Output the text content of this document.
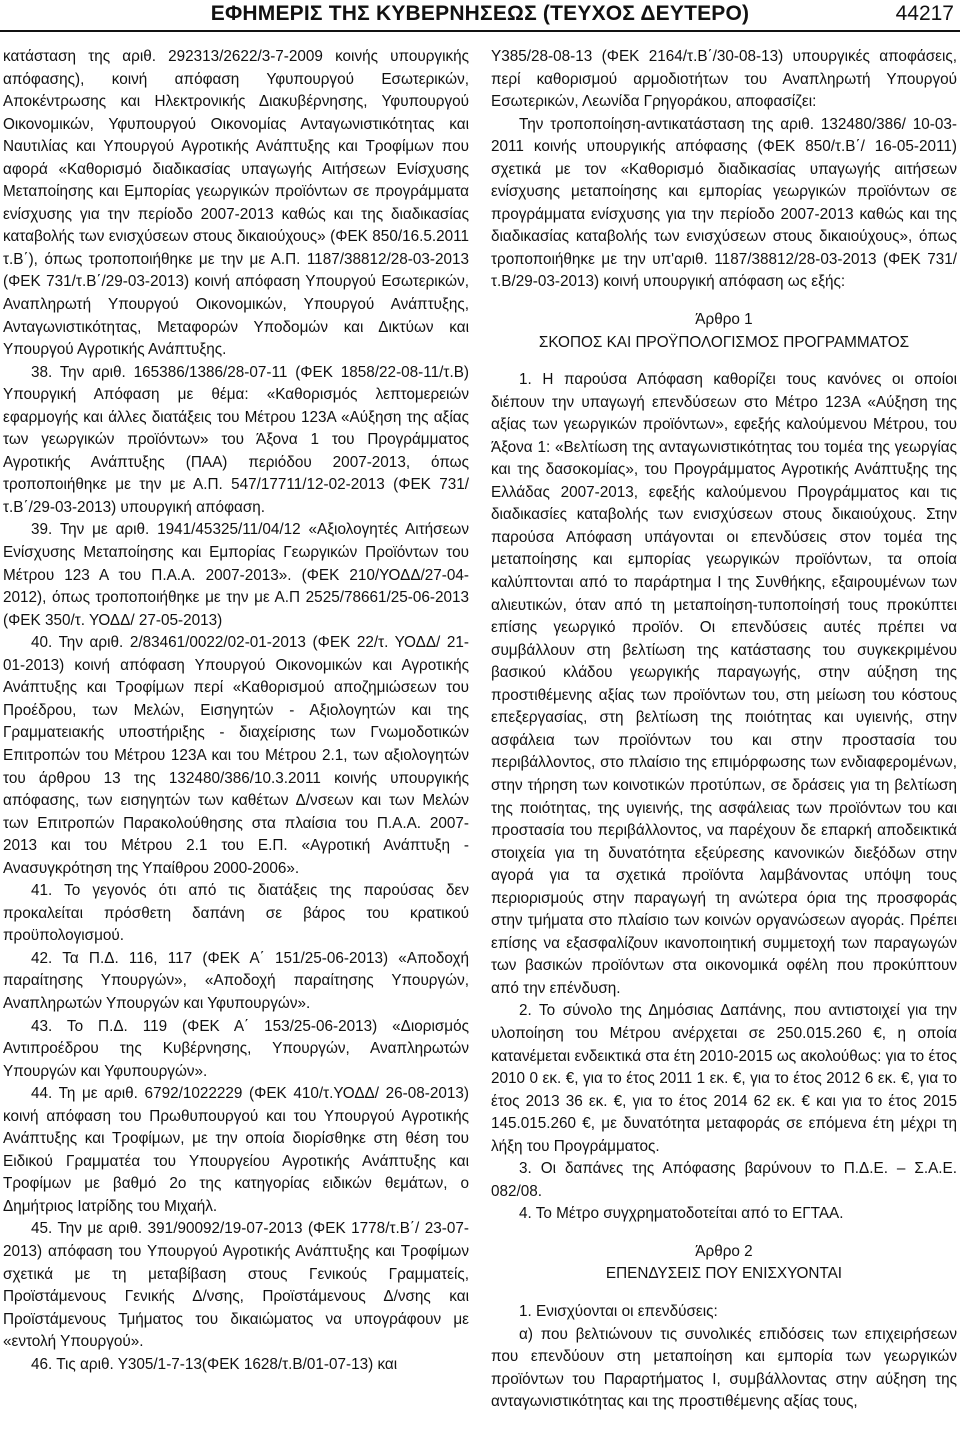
ΕΦΗΜΕΡΙΣ ΤΗΣ ΚΥΒΕΡΝΗΣΕΩΣ (ΤΕΥΧΟΣ ΔΕΥΤΕΡΟ)	44217

κατάσταση της αριθ. 292313/2622/3-7-2009 κοινής υπουργικής απόφασης), κοινή απόφαση Υφυπουργού Εσωτερικών, Αποκέντρωσης και Ηλεκτρονικής Διακυβέρνησης, Υφυπουργού Οικονομικών, Υφυπουργού Οικονομίας Ανταγωνιστικότητας και Ναυτιλίας και Υπουργού Αγροτικής Ανάπτυξης και Τροφίμων που αφορά «Καθορισμό διαδικασίας υπαγωγής Αιτήσεων Ενίσχυσης Μεταποίησης και Εμπορίας γεωργικών προϊόντων σε προγράμματα ενίσχυσης για την περίοδο 2007-2013 καθώς και της διαδικασίας καταβολής των ενισχύσεων στους δικαιούχους» (ΦΕΚ 850/16.5.2011 τ.Β΄), όπως τροποποιήθηκε με την με Α.Π. 1187/38812/28-03-2013 (ΦΕΚ 731/τ.Β΄/29-03-2013) κοινή απόφαση Υπουργού Εσωτερικών, Αναπληρωτή Υπουργού Οικονομικών, Υπουργού Ανάπτυξης, Ανταγωνιστικότητας, Μεταφορών Υποδομών και Δικτύων και Υπουργού Αγροτικής Ανάπτυξης.

38. Την αριθ. 165386/1386/28-07-11 (ΦΕΚ 1858/22-08-11/τ.Β) Υπουργική Απόφαση με θέμα: «Καθορισμός λεπτομερειών εφαρμογής και άλλες διατάξεις του Μέτρου 123Α «Αύξηση της αξίας των γεωργικών προϊόντων» του Άξονα 1 του Προγράμματος Αγροτικής Ανάπτυξης (ΠΑΑ) περιόδου 2007-2013, όπως τροποποιήθηκε με την με Α.Π. 547/17711/12-02-2013 (ΦΕΚ 731/τ.Β΄/29-03-2013) υπουργική απόφαση.

39. Την με αριθ. 1941/45325/11/04/12 «Αξιολογητές Αιτήσεων Ενίσχυσης Μεταποίησης και Εμπορίας Γεωργικών Προϊόντων του Μέτρου 123 Α του Π.Α.Α. 2007-2013». (ΦΕΚ 210/ΥΟΔΔ/27-04-2012), όπως τροποποιήθηκε με την με Α.Π 2525/78661/25-06-2013 (ΦΕΚ 350/τ. ΥΟΔΔ/ 27-05-2013)

40. Την αριθ. 2/83461/0022/02-01-2013 (ΦΕΚ 22/τ. ΥΟΔΔ/ 21-01-2013) κοινή απόφαση Υπουργού Οικονομικών και Αγροτικής Ανάπτυξης και Τροφίμων περί «Καθορισμού αποζημιώσεων του Προέδρου, των Μελών, Εισηγητών - Αξιολογητών και της Γραμματειακής υποστήριξης - διαχείρισης των Γνωμοδοτικών Επιτροπών του Μέτρου 123Α και του Μέτρου 2.1, των αξιολογητών του άρθρου 13 της 132480/386/10.3.2011 κοινής υπουργικής απόφασης, των εισηγητών των καθέτων Δ/νσεων και των Μελών των Επιτροπών Παρακολούθησης στα πλαίσια του Π.Α.Α. 2007-2013 και του Μέτρου 2.1 του Ε.Π. «Αγροτική Ανάπτυξη - Ανασυγκρότηση της Υπαίθρου 2000-2006».

41. Το γεγονός ότι από τις διατάξεις της παρούσας δεν προκαλείται πρόσθετη δαπάνη σε βάρος του κρατικού προϋπολογισμού.

42. Τα Π.Δ. 116, 117 (ΦΕΚ Α΄ 151/25-06-2013) «Αποδοχή παραίτησης Υπουργών», «Αποδοχή παραίτησης Υπουργών, Αναπληρωτών Υπουργών και Υφυπουργών».

43. Το Π.Δ. 119 (ΦΕΚ Α΄ 153/25-06-2013) «Διορισμός Αντιπροέδρου της Κυβέρνησης, Υπουργών, Αναπληρωτών Υπουργών και Υφυπουργών».

44. Τη με αριθ. 6792/1022229 (ΦΕΚ 410/τ.ΥΟΔΔ/ 26-08-2013) κοινή απόφαση του Πρωθυπουργού και του Υπουργού Αγροτικής Ανάπτυξης και Τροφίμων, με την οποία διορίσθηκε στη θέση του Ειδικού Γραμματέα του Υπουργείου Αγροτικής Ανάπτυξης και Τροφίμων με βαθμό 2ο της κατηγορίας ειδικών θεμάτων, ο Δημήτριος Ιατρίδης του Μιχαήλ.

45. Την με αριθ. 391/90092/19-07-2013 (ΦΕΚ 1778/τ.Β΄/ 23-07-2013) απόφαση του Υπουργού Αγροτικής Ανάπτυξης και Τροφίμων σχετικά με τη μεταβίβαση στους Γενικούς Γραμματείς, Προϊστάμενους Γενικής Δ/νσης, Προϊστάμενους Δ/νσης και Προϊστάμενους Τμήματος του δικαιώματος να υπογράφουν με «εντολή Υπουργού».

46. Τις αριθ. Υ305/1-7-13(ΦΕΚ 1628/τ.Β/01-07-13) και

Υ385/28-08-13 (ΦΕΚ 2164/τ.Β΄/30-08-13) υπουργικές αποφάσεις, περί καθορισμού αρμοδιοτήτων του Αναπληρωτή Υπουργού Εσωτερικών, Λεωνίδα Γρηγοράκου, αποφασίζει:

Την τροποποίηση-αντικατάσταση της αριθ. 132480/386/ 10-03-2011 κοινής υπουργικής απόφασης (ΦΕΚ 850/τ.Β΄/ 16-05-2011) σχετικά με τον «Καθορισμό διαδικασίας υπαγωγής αιτήσεων ενίσχυσης μεταποίησης και εμπορίας γεωργικών προϊόντων σε προγράμματα ενίσχυσης για την περίοδο 2007-2013 καθώς και της διαδικασίας καταβολής των ενισχύσεων στους δικαιούχους», όπως τροποποιήθηκε με την υπ'αριθ. 1187/38812/28-03-2013 (ΦΕΚ 731/τ.Β/29-03-2013) κοινή υπουργική απόφαση ως εξής:

Άρθρο 1

ΣΚΟΠΟΣ ΚΑΙ ΠΡΟΫΠΟΛΟΓΙΣΜΟΣ ΠΡΟΓΡΑΜΜΑΤΟΣ

1. Η παρούσα Απόφαση καθορίζει τους κανόνες οι οποίοι διέπουν την υπαγωγή επενδύσεων στο Μέτρο 123Α «Αύξηση της αξίας των γεωργικών προϊόντων», εφεξής καλούμενου Μέτρου, του Άξονα 1: «Βελτίωση της ανταγωνιστικότητας του τομέα της γεωργίας και της δασοκομίας», του Προγράμματος Αγροτικής Ανάπτυξης της Ελλάδας 2007-2013, εφεξής καλούμενου Προγράμματος και τις διαδικασίες καταβολής των ενισχύσεων στους δικαιούχους. Στην παρούσα Απόφαση υπάγονται οι επενδύσεις στον τομέα της μεταποίησης και εμπορίας γεωργικών προϊόντων, τα οποία καλύπτονται από το παράρτημα Ι της Συνθήκης, εξαιρουμένων των αλιευτικών, όταν από τη μεταποίηση-τυποποίησή τους προκύπτει επίσης γεωργικό προϊόν. Οι επενδύσεις αυτές πρέπει να συμβάλλουν στη βελτίωση της κατάστασης του συγκεκριμένου βασικού κλάδου γεωργικής παραγωγής, στην αύξηση της προστιθέμενης αξίας των προϊόντων του, στη μείωση του κόστους επεξεργασίας, στη βελτίωση της ποιότητας και υγιεινής, στην ασφάλεια των προϊόντων του και στην προστασία του περιβάλλοντος, στο πλαίσιο της επιμόρφωσης των ενδιαφερομένων, στην τήρηση των κοινοτικών προτύπων, σε δράσεις για τη βελτίωση της ποιότητας, της υγιεινής, της ασφάλειας των προϊόντων του και προστασία του περιβάλλοντος, να παρέχουν δε επαρκή αποδεικτικά στοιχεία για τη δυνατότητα εξεύρεσης κανονικών διεξόδων στην αγορά για τα σχετικά προϊόντα λαμβάνοντας υπόψη τους περιορισμούς στην παραγωγή τη ανώτερα όρια της προσφοράς στην τμήματα στο πλαίσιο των κοινών οργανώσεων αγοράς. Πρέπει επίσης να εξασφαλίζουν ικανοποιητική συμμετοχή των παραγωγών των βασικών προϊόντων στα οικονομικά οφέλη που προκύπτουν από την επένδυση.

2. Το σύνολο της Δημόσιας Δαπάνης, που αντιστοιχεί για την υλοποίηση του Μέτρου ανέρχεται σε 250.015.260 €, η οποία κατανέμεται ενδεικτικά στα έτη 2010-2015 ως ακολούθως: για το έτος 2010 0 εκ. €, για το έτος 2011 1 εκ. €, για το έτος 2012 6 εκ. €, για το έτος 2013 36 εκ. €, για το έτος 2014 62 εκ. € και για το έτος 2015 145.015.260 €, με δυνατότητα μεταφοράς σε επόμενα έτη μέχρι τη λήξη του Προγράμματος.

3. Οι δαπάνες της Απόφασης βαρύνουν το Π.Δ.Ε. – Σ.Α.Ε. 082/08.

4. Το Μέτρο συγχρηματοδοτείται από το ΕΓΤΑΑ.

Άρθρο 2

ΕΠΕΝΔΥΣΕΙΣ ΠΟΥ ΕΝΙΣΧΥΟΝΤΑΙ

1. Ενισχύονται οι επενδύσεις:

α) που βελτιώνουν τις συνολικές επιδόσεις των επιχειρήσεων που επενδύουν στη μεταποίηση και εμπορία των γεωργικών προϊόντων του Παραρτήματος Ι, συμβάλλοντας στην αύξηση της ανταγωνιστικότητας και της προστιθέμενης αξίας τους,
